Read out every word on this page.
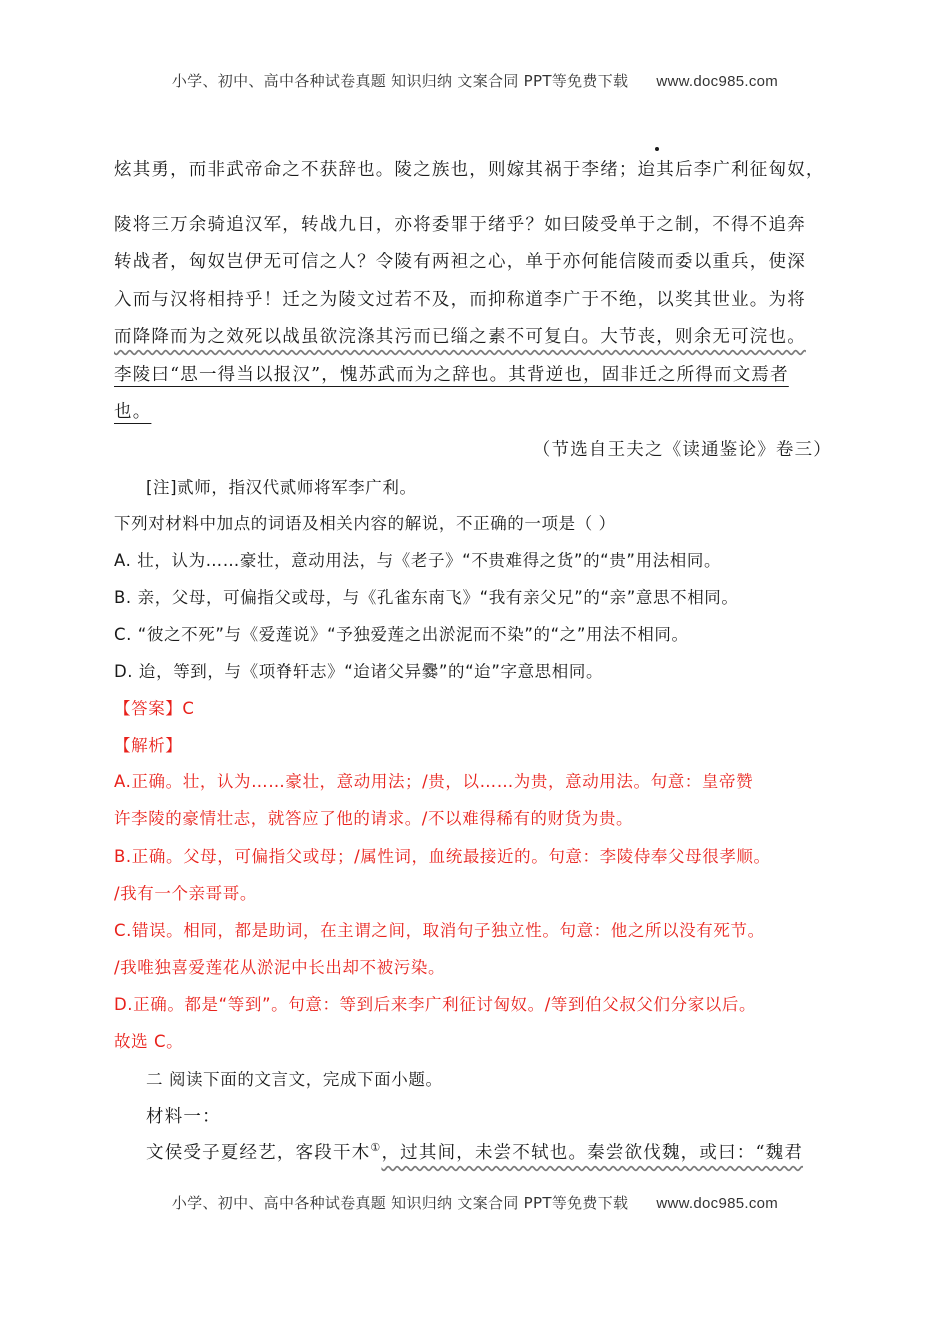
小学、初中、高中各种试卷真题 知识归纳 文案合同 PPT等免费下载 www.doc985.com
炫其勇，而非武帝命之不获辞也。陵之族也，则嫁其祸于李绪；迨其后李广利征匈奴，
陵将三万余骑追汉军，转战九日，亦将委罪于绪乎？如曰陵受单于之制，不得不追奔
转战者，匈奴岂伊无可信之人？令陵有两袒之心，单于亦何能信陵而委以重兵，使深
入而与汉将相持乎！迁之为陵文过若不及，而抑称道李广于不绝，以奖其世业。为将
而降降而为之效死以战虽欲浣涤其污而已缁之素不可复白。大节丧，则余无可浣也。
李陵曰“思一得当以报汉”，愧苏武而为之辞也。其背逆也，固非迁之所得而文焉者
也。
（节选自王夫之《读通鉴论》卷三）
[注]贰师，指汉代贰师将军李广利。
下列对材料中加点的词语及相关内容的解说，不正确的一项是（ ）
A. 壮，认为……豪壮，意动用法，与《老子》“不贵难得之货”的“贵”用法相同。
B. 亲，父母，可偏指父或母，与《孔雀东南飞》“我有亲父兄”的“亲”意思不相同。
C. “彼之不死”与《爱莲说》“予独爱莲之出淤泥而不染”的“之”用法不相同。
D. 迨，等到，与《项脊轩志》“迨诸父异爨”的“迨”字意思相同。
【答案】C
【解析】
A.正确。壮，认为……豪壮，意动用法；/贵，以……为贵，意动用法。句意：皇帝赞
许李陵的豪情壮志，就答应了他的请求。/不以难得稀有的财货为贵。
B.正确。父母，可偏指父或母；/属性词，血统最接近的。句意：李陵侍奉父母很孝顺。
/我有一个亲哥哥。
C.错误。相同，都是助词，在主谓之间，取消句子独立性。句意：他之所以没有死节。
/我唯独喜爱莲花从淤泥中长出却不被污染。
D.正确。都是“等到”。句意：等到后来李广利征讨匈奴。/等到伯父叔父们分家以后。
故选 C。
二 阅读下面的文言文，完成下面小题。
材料一：
文侯受子夏经艺，客段干木①，过其间，未尝不轼也。秦尝欲伐魏，或曰：“魏君
小学、初中、高中各种试卷真题 知识归纳 文案合同 PPT等免费下载 www.doc985.com
